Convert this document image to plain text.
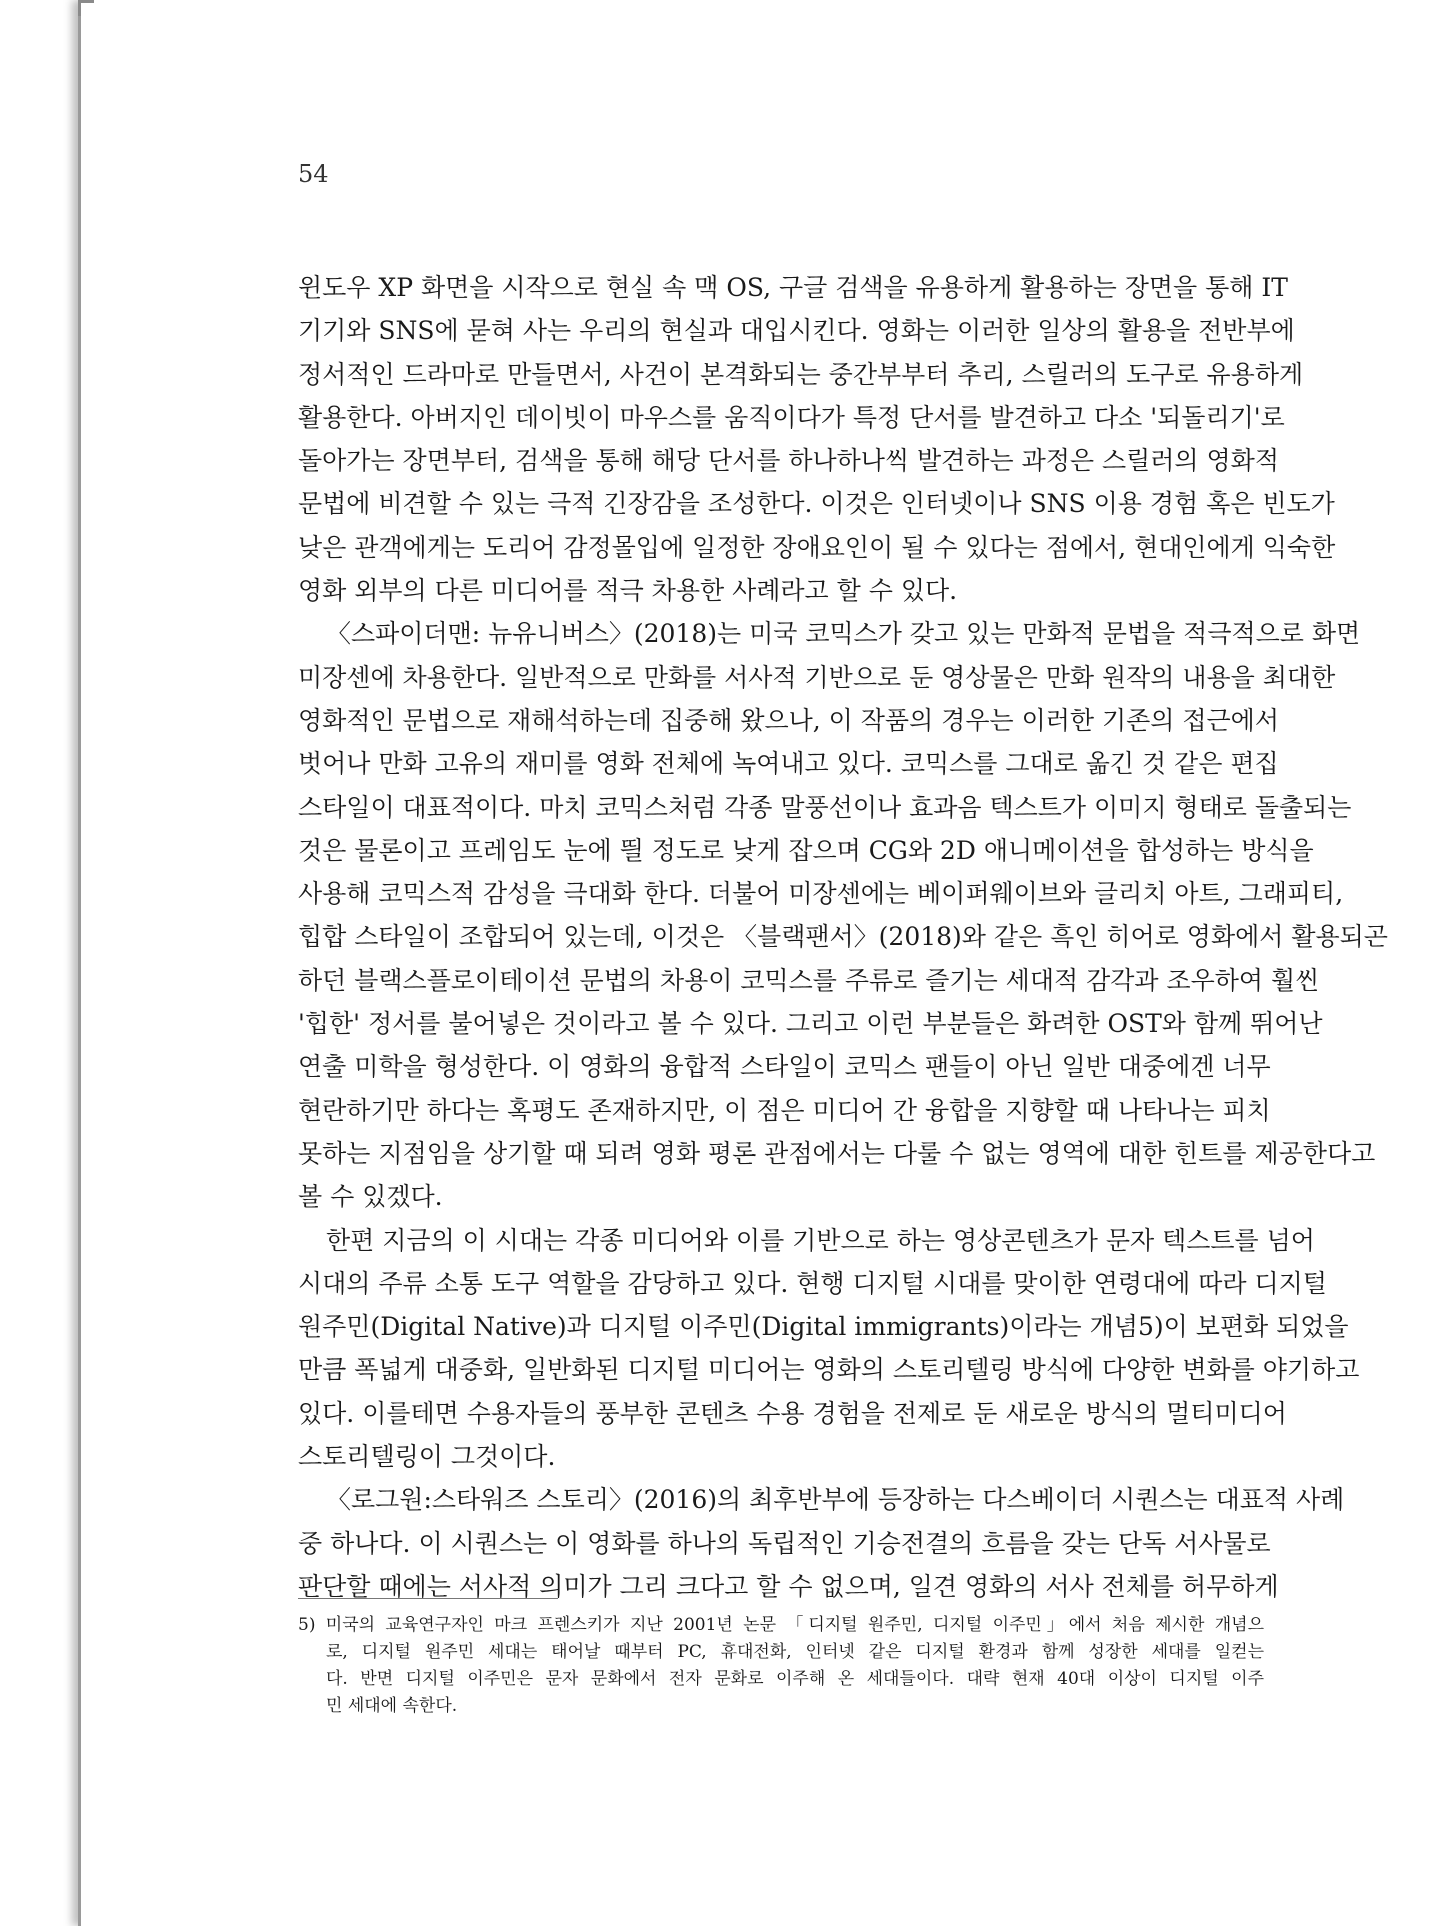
54
윈도우 XP 화면을 시작으로 현실 속 맥 OS, 구글 검색을 유용하게 활용하는 장면을 통해 IT
기기와 SNS에 묻혀 사는 우리의 현실과 대입시킨다. 영화는 이러한 일상의 활용을 전반부에
정서적인 드라마로 만들면서, 사건이 본격화되는 중간부부터 추리, 스릴러의 도구로 유용하게
활용한다. 아버지인 데이빗이 마우스를 움직이다가 특정 단서를 발견하고 다소 '되돌리기'로
돌아가는 장면부터, 검색을 통해 해당 단서를 하나하나씩 발견하는 과정은 스릴러의 영화적
문법에 비견할 수 있는 극적 긴장감을 조성한다. 이것은 인터넷이나 SNS 이용 경험 혹은 빈도가
낮은 관객에게는 도리어 감정몰입에 일정한 장애요인이 될 수 있다는 점에서, 현대인에게 익숙한
영화 외부의 다른 미디어를 적극 차용한 사례라고 할 수 있다.
〈스파이더맨: 뉴유니버스〉(2018)는 미국 코믹스가 갖고 있는 만화적 문법을 적극적으로 화면
미장센에 차용한다. 일반적으로 만화를 서사적 기반으로 둔 영상물은 만화 원작의 내용을 최대한
영화적인 문법으로 재해석하는데 집중해 왔으나, 이 작품의 경우는 이러한 기존의 접근에서
벗어나 만화 고유의 재미를 영화 전체에 녹여내고 있다. 코믹스를 그대로 옮긴 것 같은 편집
스타일이 대표적이다. 마치 코믹스처럼 각종 말풍선이나 효과음 텍스트가 이미지 형태로 돌출되는
것은 물론이고 프레임도 눈에 띌 정도로 낮게 잡으며 CG와 2D 애니메이션을 합성하는 방식을
사용해 코믹스적 감성을 극대화 한다. 더불어 미장센에는 베이퍼웨이브와 글리치 아트, 그래피티,
힙합 스타일이 조합되어 있는데, 이것은 〈블랙팬서〉(2018)와 같은 흑인 히어로 영화에서 활용되곤
하던 블랙스플로이테이션 문법의 차용이 코믹스를 주류로 즐기는 세대적 감각과 조우하여 훨씬
'힙한' 정서를 불어넣은 것이라고 볼 수 있다. 그리고 이런 부분들은 화려한 OST와 함께 뛰어난
연출 미학을 형성한다. 이 영화의 융합적 스타일이 코믹스 팬들이 아닌 일반 대중에겐 너무
현란하기만 하다는 혹평도 존재하지만, 이 점은 미디어 간 융합을 지향할 때 나타나는 피치
못하는 지점임을 상기할 때 되려 영화 평론 관점에서는 다룰 수 없는 영역에 대한 힌트를 제공한다고
볼 수 있겠다.
한편 지금의 이 시대는 각종 미디어와 이를 기반으로 하는 영상콘텐츠가 문자 텍스트를 넘어
시대의 주류 소통 도구 역할을 감당하고 있다. 현행 디지털 시대를 맞이한 연령대에 따라 디지털
원주민(Digital Native)과 디지털 이주민(Digital immigrants)이라는 개념5)이 보편화 되었을
만큼 폭넓게 대중화, 일반화된 디지털 미디어는 영화의 스토리텔링 방식에 다양한 변화를 야기하고
있다. 이를테면 수용자들의 풍부한 콘텐츠 수용 경험을 전제로 둔 새로운 방식의 멀티미디어
스토리텔링이 그것이다.
〈로그원:스타워즈 스토리〉(2016)의 최후반부에 등장하는 다스베이더 시퀀스는 대표적 사례
중 하나다. 이 시퀀스는 이 영화를 하나의 독립적인 기승전결의 흐름을 갖는 단독 서사물로
판단할 때에는 서사적 의미가 그리 크다고 할 수 없으며, 일견 영화의 서사 전체를 허무하게
5) 미국의 교육연구자인 마크 프렌스키가 지난 2001년 논문 「디지털 원주민, 디지털 이주민」에서 처음 제시한 개념으
로, 디지털 원주민 세대는 태어날 때부터 PC, 휴대전화, 인터넷 같은 디지털 환경과 함께 성장한 세대를 일컫는
다. 반면 디지털 이주민은 문자 문화에서 전자 문화로 이주해 온 세대들이다. 대략 현재 40대 이상이 디지털 이주
민 세대에 속한다.
